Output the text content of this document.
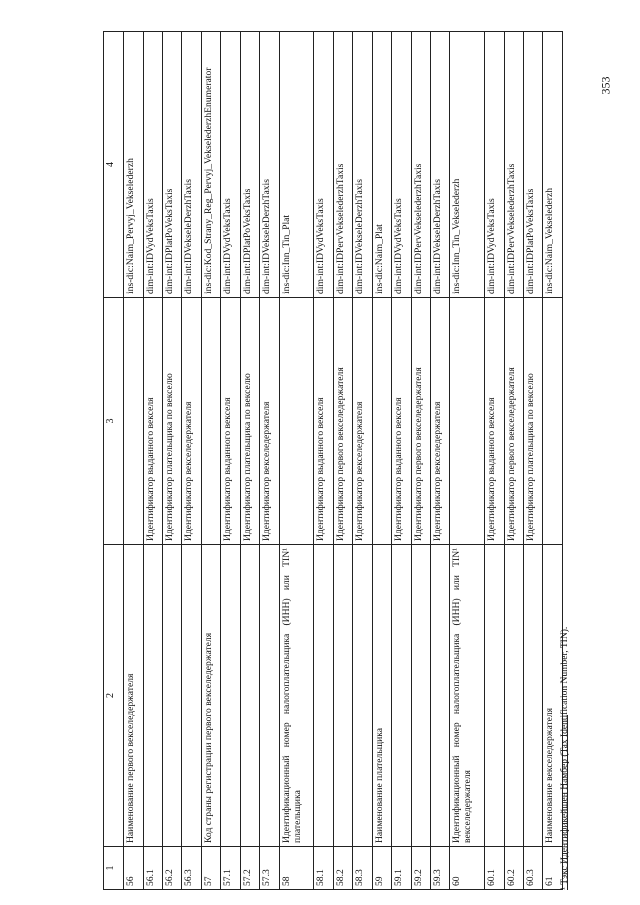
353
1	2	3	4
56	Наименование первого векселедержателя		ins-dic:Naim_Pervyj_Vekselederzh
56.1		Идентификатор выданного векселя	dim-int:IDVydVeksTaxis
56.2		Идентификатор плательщика по векселю	dim-int:IDPlatPoVeksTaxis
56.3		Идентификатор векселедержателя	dim-int:IDVekseleDerzhTaxis
57	Код страны регистрации первого векселедержателя		ins-dic:Kod_Strany_Reg_Pervyj_VekselederzhEnumerator
57.1		Идентификатор выданного векселя	dim-int:IDVydVeksTaxis
57.2		Идентификатор плательщика по векселю	dim-int:IDPlatPoVeksTaxis
57.3		Идентификатор векселедержателя	dim-int:IDVekseleDerzhTaxis
58	Идентификационный номер налогоплательщика (ИНН) или TIN¹ плательщика		ins-dic:Inn_Tin_Plat
58.1		Идентификатор выданного векселя	dim-int:IDVydVeksTaxis
58.2		Идентификатор первого векселедержателя	dim-int:IDPervVekselederzhTaxis
58.3		Идентификатор векселедержателя	dim-int:IDVekseleDerzhTaxis
59	Наименование плательщика		ins-dic:Naim_Plat
59.1		Идентификатор выданного векселя	dim-int:IDVydVeksTaxis
59.2		Идентификатор первого векселедержателя	dim-int:IDPervVekselederzhTaxis
59.3		Идентификатор векселедержателя	dim-int:IDVekseleDerzhTaxis
60	Идентификационный номер налогоплательщика (ИНН) или TIN¹ векселедержателя		ins-dic:Inn_Tin_Vekselederzh
60.1		Идентификатор выданного векселя	dim-int:IDVydVeksTaxis
60.2		Идентификатор первого векселедержателя	dim-int:IDPervVekselederzhTaxis
60.3		Идентификатор плательщика по векселю	dim-int:IDPlatPoVeksTaxis
61	Наименование векселедержателя		ins-dic:Naim_Vekselederzh
¹ Тэкс Идентификейшен Намбер (Tax Identification Number, TIN).
